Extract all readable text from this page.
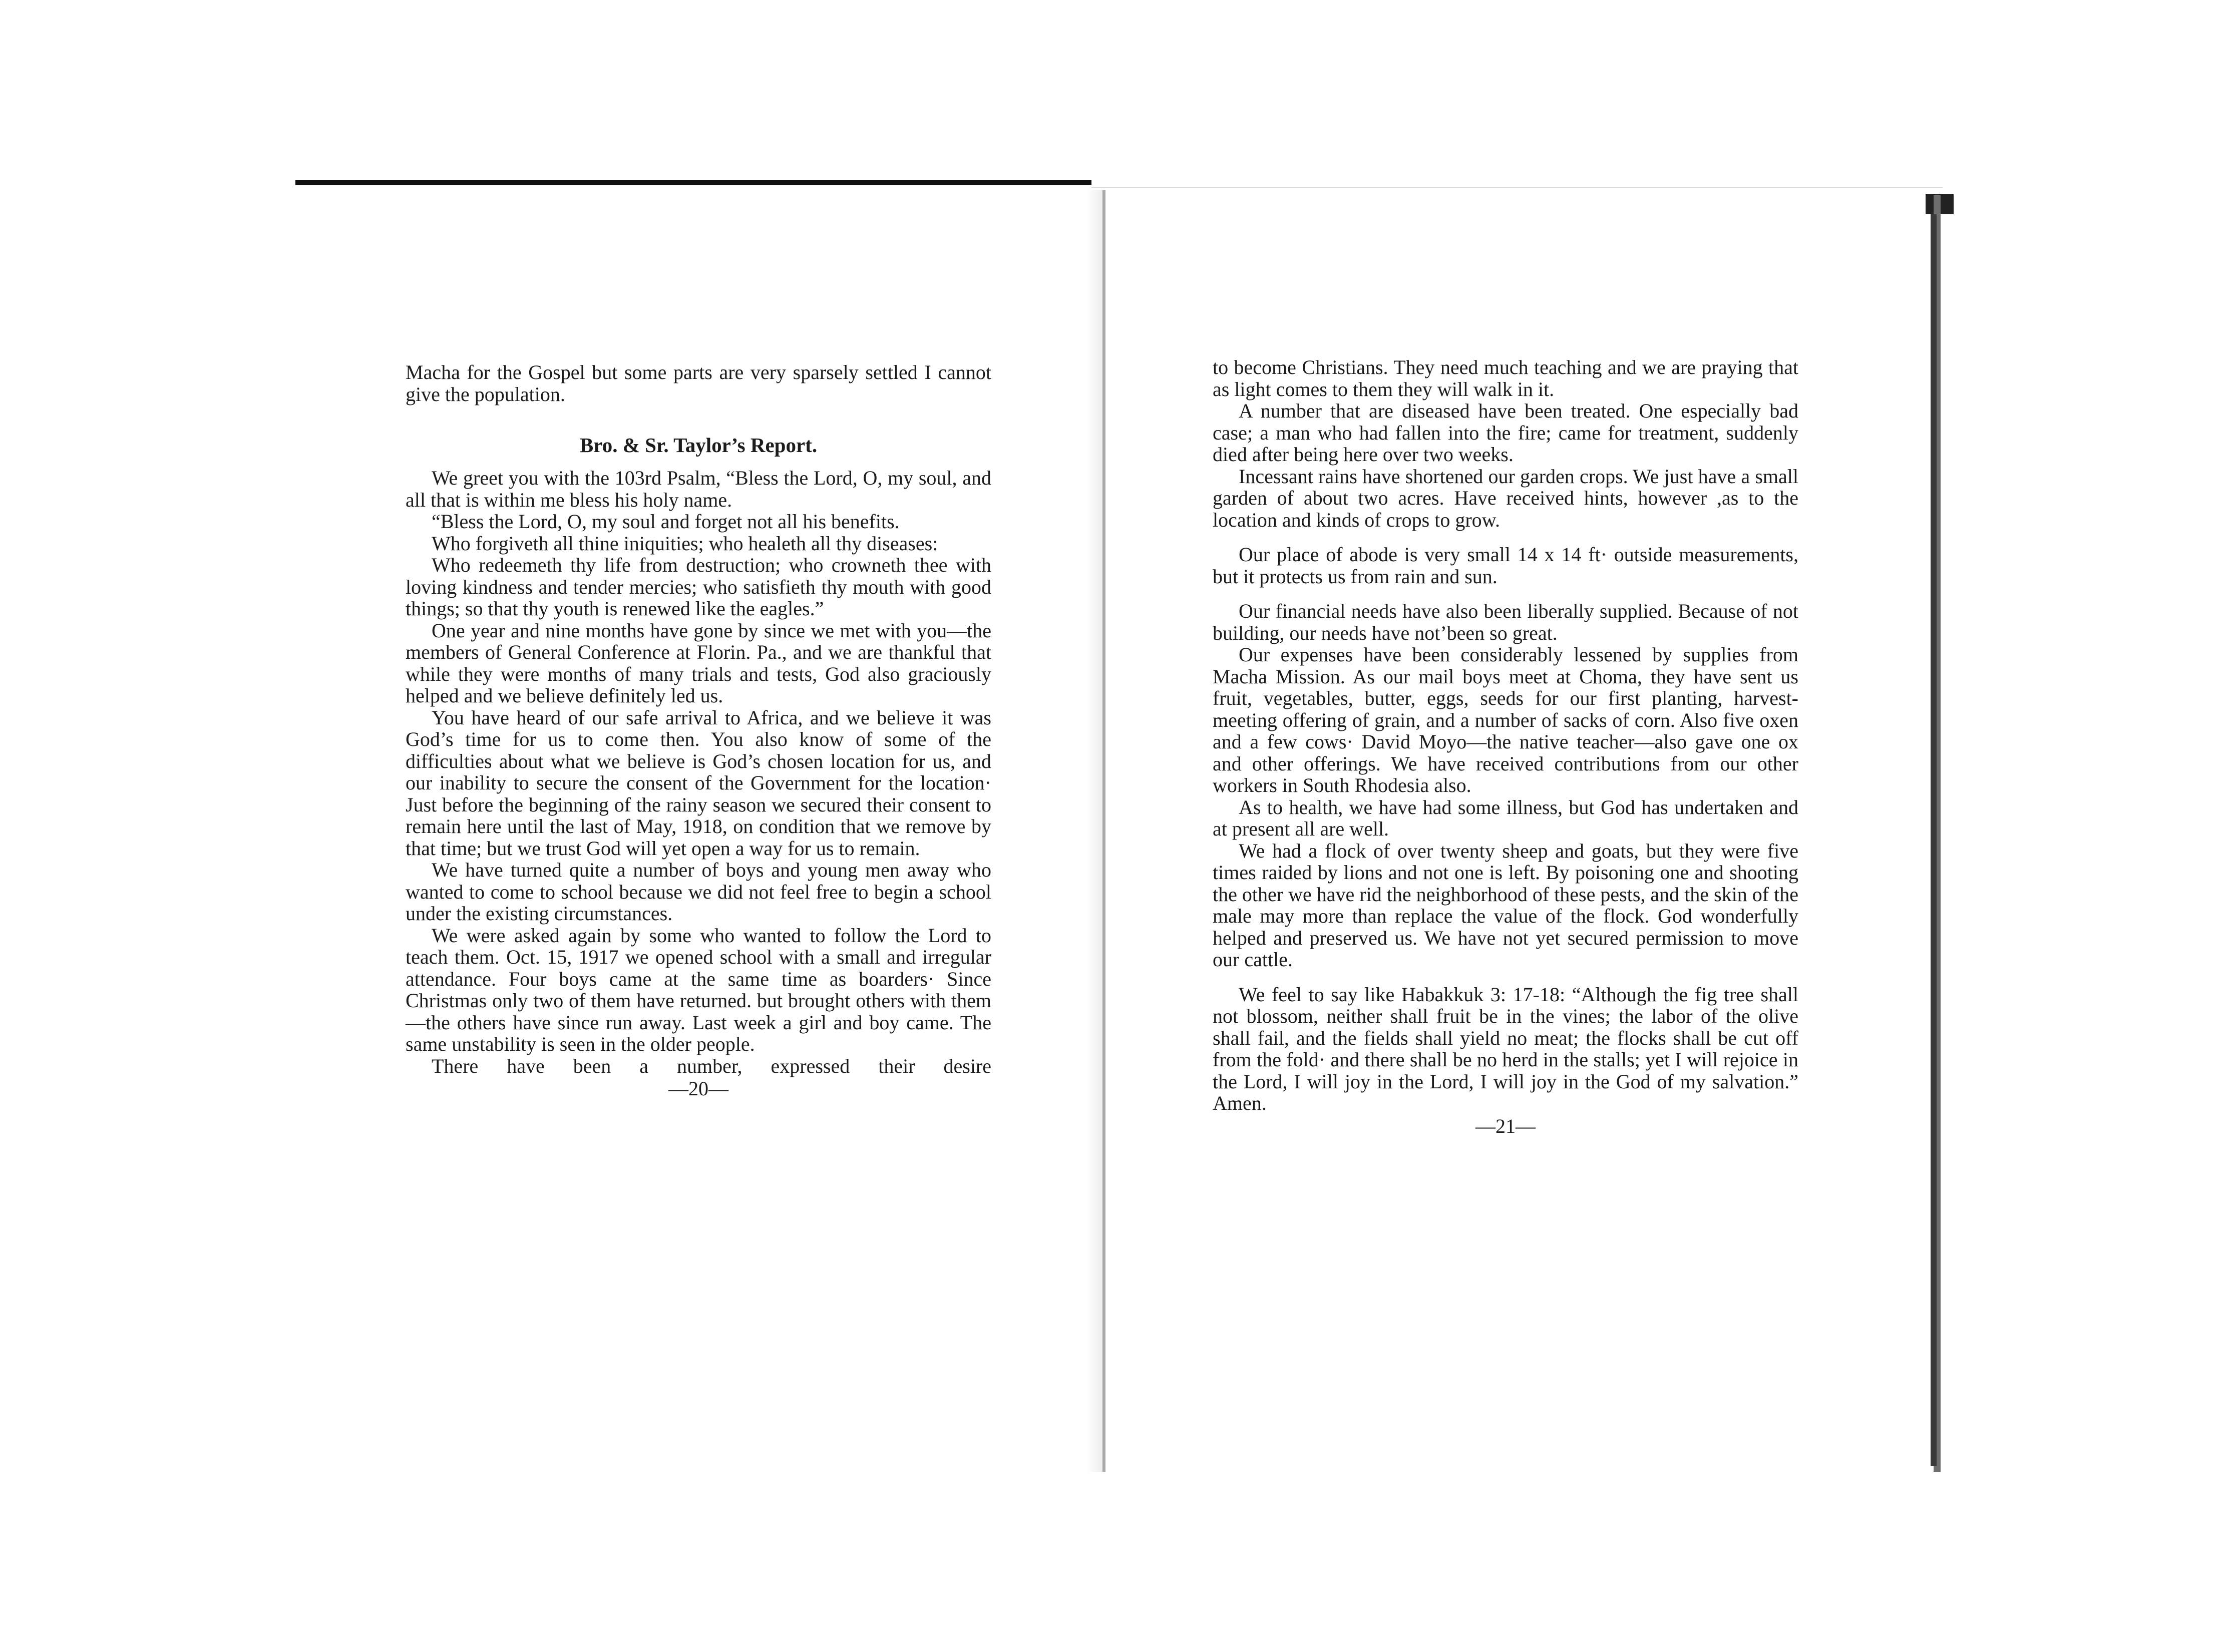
Macha for the Gospel but some parts are very sparsely settled I cannot give the population.

Bro. & Sr. Taylor’s Report.

We greet you with the 103rd Psalm, “Bless the Lord, O, my soul, and all that is within me bless his holy name.

“Bless the Lord, O, my soul and forget not all his benefits.

Who forgiveth all thine iniquities; who healeth all thy diseases:

Who redeemeth thy life from destruction; who crowneth thee with loving kindness and tender mercies; who satisfieth thy mouth with good things; so that thy youth is renewed like the eagles.”

One year and nine months have gone by since we met with you—the members of General Conference at Florin. Pa., and we are thankful that while they were months of many trials and tests, God also graciously helped and we believe definitely led us.

You have heard of our safe arrival to Africa, and we believe it was God’s time for us to come then. You also know of some of the difficulties about what we believe is God’s chosen location for us, and our inability to secure the consent of the Government for the location· Just before the beginning of the rainy season we secured their consent to remain here until the last of May, 1918, on condition that we remove by that time; but we trust God will yet open a way for us to remain.

We have turned quite a number of boys and young men away who wanted to come to school because we did not feel free to begin a school under the existing circumstances.

We were asked again by some who wanted to follow the Lord to teach them. Oct. 15, 1917 we opened school with a small and irregular attendance. Four boys came at the same time as boarders· Since Christmas only two of them have returned. but brought others with them—the others have since run away. Last week a girl and boy came. The same unstability is seen in the older people.

There have been a number, expressed their desire

—20—

to become Christians. They need much teaching and we are praying that as light comes to them they will walk in it.

A number that are diseased have been treated. One especially bad case; a man who had fallen into the fire; came for treatment, suddenly died after being here over two weeks.

Incessant rains have shortened our garden crops. We just have a small garden of about two acres. Have received hints, however ,as to the location and kinds of crops to grow.

Our place of abode is very small 14 x 14 ft· outside measurements, but it protects us from rain and sun.

Our financial needs have also been liberally supplied. Because of not building, our needs have not’been so great.

Our expenses have been considerably lessened by supplies from Macha Mission. As our mail boys meet at Choma, they have sent us fruit, vegetables, butter, eggs, seeds for our first planting, harvest-meeting offering of grain, and a number of sacks of corn. Also five oxen and a few cows· David Moyo—the native teacher—also gave one ox and other offerings. We have received contributions from our other workers in South Rhodesia also.

As to health, we have had some illness, but God has undertaken and at present all are well.

We had a flock of over twenty sheep and goats, but they were five times raided by lions and not one is left. By poisoning one and shooting the other we have rid the neighborhood of these pests, and the skin of the male may more than replace the value of the flock. God wonderfully helped and preserved us. We have not yet secured permission to move our cattle.

We feel to say like Habakkuk 3: 17-18: “Although the fig tree shall not blossom, neither shall fruit be in the vines; the labor of the olive shall fail, and the fields shall yield no meat; the flocks shall be cut off from the fold· and there shall be no herd in the stalls; yet I will rejoice in the Lord, I will joy in the Lord, I will joy in the God of my salvation.” Amen.

—21—
